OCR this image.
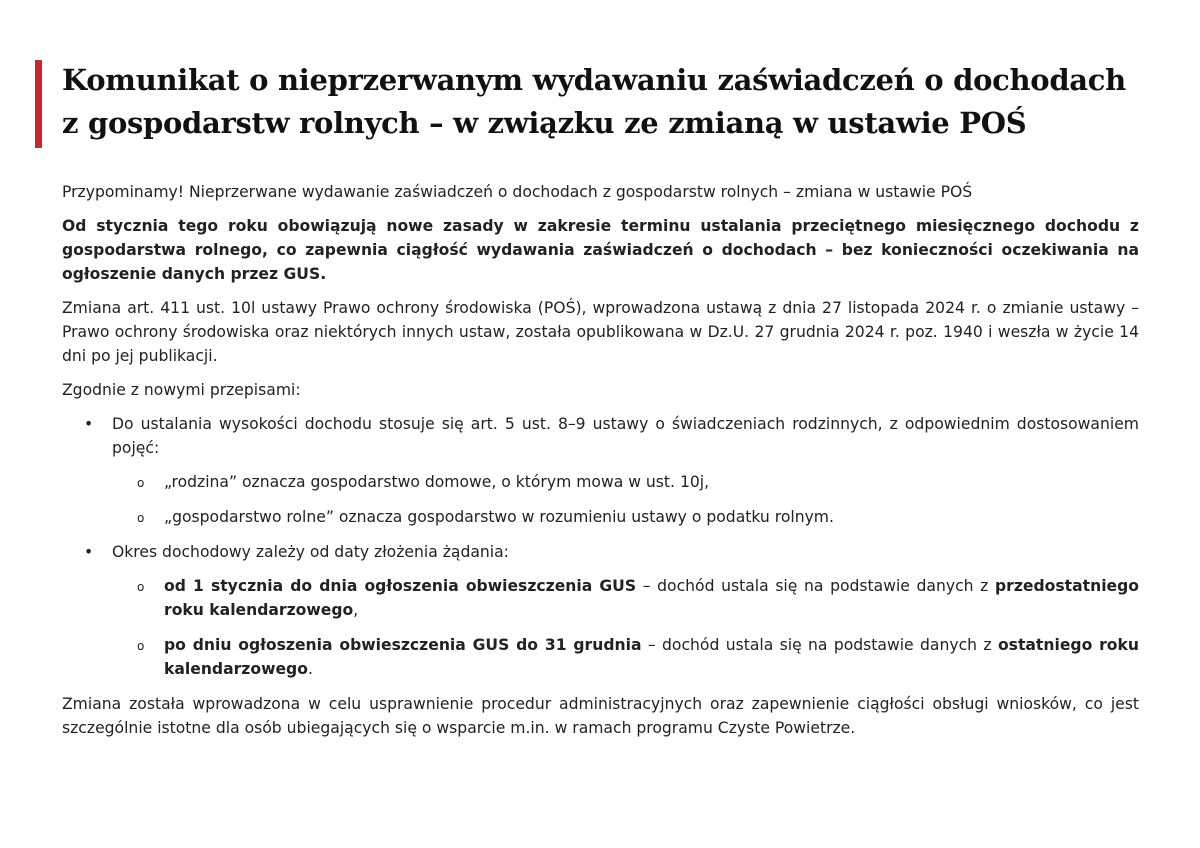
Komunikat o nieprzerwanym wydawaniu zaświadczeń o dochodach
z gospodarstw rolnych – w związku ze zmianą w ustawie POŚ

Przypominamy! Nieprzerwane wydawanie zaświadczeń o dochodach z gospodarstw rolnych – zmiana w ustawie POŚ

Od stycznia tego roku obowiązują nowe zasady w zakresie terminu ustalania przeciętnego miesięcznego dochodu z gospodarstwa rolnego, co zapewnia ciągłość wydawania zaświadczeń o dochodach – bez konieczności oczekiwania na ogłoszenie danych przez GUS.

Zmiana art. 411 ust. 10l ustawy Prawo ochrony środowiska (POŚ), wprowadzona ustawą z dnia 27 listopada 2024 r. o zmianie ustawy – Prawo ochrony środowiska oraz niektórych innych ustaw, została opublikowana w Dz.U. 27 grudnia 2024 r. poz. 1940 i weszła w życie 14 dni po jej publikacji.

Zgodnie z nowymi przepisami:

• Do ustalania wysokości dochodu stosuje się art. 5 ust. 8–9 ustawy o świadczeniach rodzinnych, z odpowiednim dostosowaniem pojęć:
o „rodzina” oznacza gospodarstwo domowe, o którym mowa w ust. 10j,
o „gospodarstwo rolne” oznacza gospodarstwo w rozumieniu ustawy o podatku rolnym.
• Okres dochodowy zależy od daty złożenia żądania:
o od 1 stycznia do dnia ogłoszenia obwieszczenia GUS – dochód ustala się na podstawie danych z przedostatniego roku kalendarzowego,
o po dniu ogłoszenia obwieszczenia GUS do 31 grudnia – dochód ustala się na podstawie danych z ostatniego roku kalendarzowego.

Zmiana została wprowadzona w celu usprawnienie procedur administracyjnych oraz zapewnienie ciągłości obsługi wniosków, co jest szczególnie istotne dla osób ubiegających się o wsparcie m.in. w ramach programu Czyste Powietrze.
